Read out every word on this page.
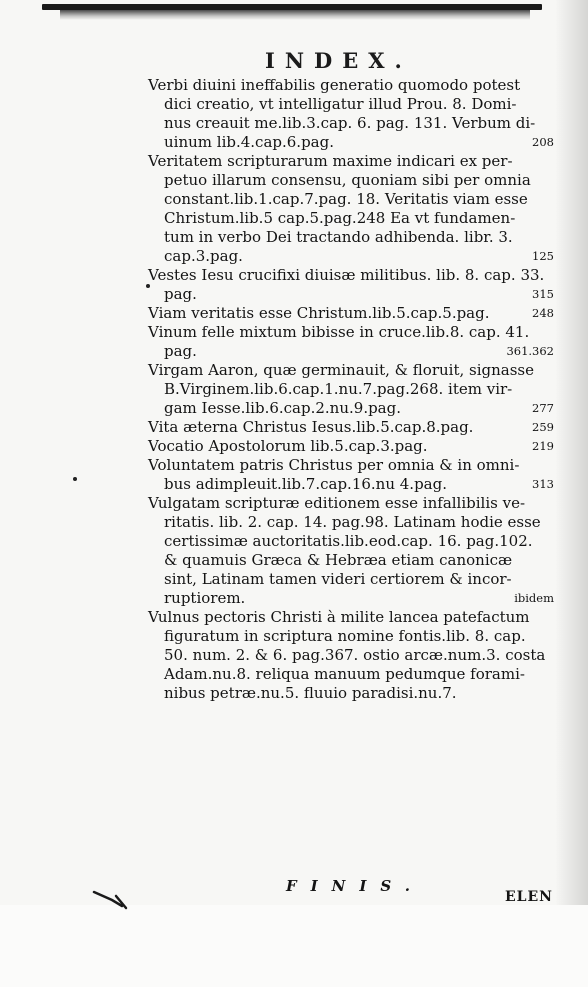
INDEX.
Verbi diuini ineffabilis generatio quomodo potest
dici creatio, vt intelligatur illud Prou. 8. Domi-
nus creauit me.lib.3.cap. 6. pag. 131. Verbum di-
uinum lib.4.cap.6.pag.	208
Veritatem scripturarum maxime indicari ex per-
petuo illarum consensu, quoniam sibi per omnia
constant.lib.1.cap.7.pag. 18. Veritatis viam esse
Christum.lib.5 cap.5.pag.248 Ea vt fundamen-
tum in verbo Dei tractando adhibenda. libr. 3.
cap.3.pag.	125
Vestes Iesu crucifixi diuisæ militibus. lib. 8. cap. 33.
pag.	315
Viam veritatis esse Christum.lib.5.cap.5.pag.	248
Vinum felle mixtum bibisse in cruce.lib.8. cap. 41.
pag.	361.362
Virgam Aaron, quæ germinauit, & floruit, signasse
B.Virginem.lib.6.cap.1.nu.7.pag.268. item vir-
gam Iesse.lib.6.cap.2.nu.9.pag.	277
Vita æterna Christus Iesus.lib.5.cap.8.pag.	259
Vocatio Apostolorum lib.5.cap.3.pag.	219
Voluntatem patris Christus per omnia & in omni-
bus adimpleuit.lib.7.cap.16.nu 4.pag.	313
Vulgatam scripturæ editionem esse infallibilis ve-
ritatis. lib. 2. cap. 14. pag.98. Latinam hodie esse
certissimæ auctoritatis.lib.eod.cap. 16. pag.102.
& quamuis Græca & Hebræa etiam canonicæ
sint, Latinam tamen videri certiorem & incor-
ruptiorem.	ibidem
Vulnus pectoris Christi à milite lancea patefactum
figuratum in scriptura nomine fontis.lib. 8. cap.
50. num. 2. & 6. pag.367. ostio arcæ.num.3. costa
Adam.nu.8. reliqua manuum pedumque forami-
nibus petræ.nu.5. fluuio paradisi.nu.7.
FINIS.
ELEN
